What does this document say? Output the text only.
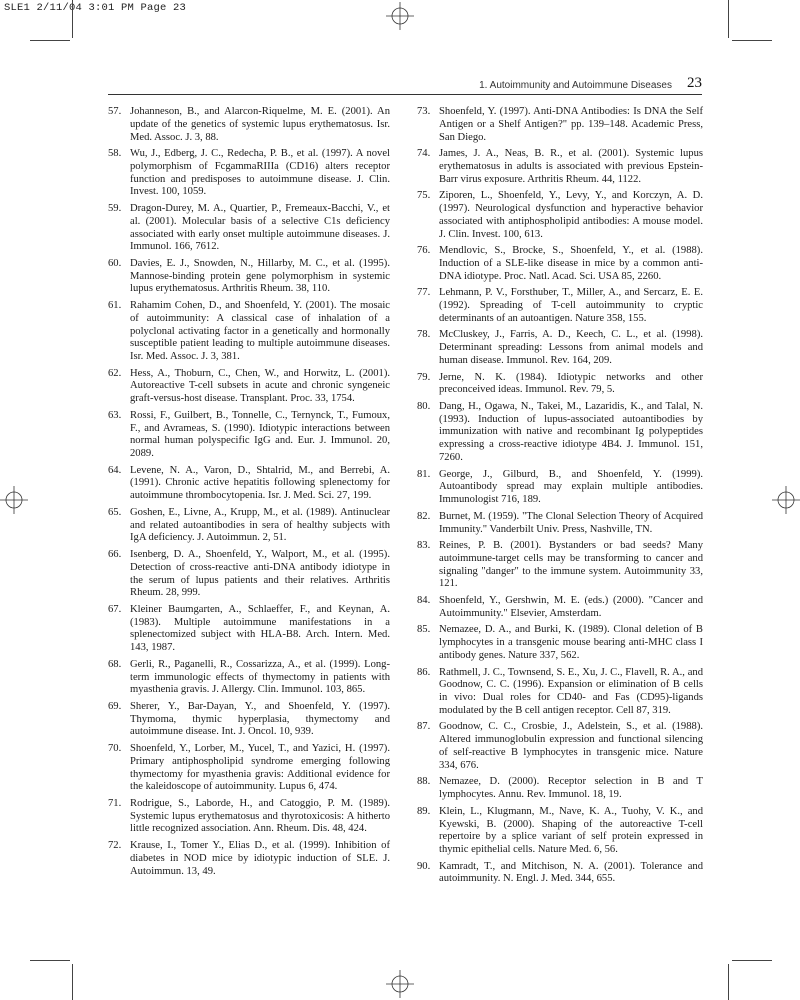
SLE1 2/11/04 3:01 PM Page 23
1. Autoimmunity and Autoimmune Diseases 23
57. Johanneson, B., and Alarcon-Riquelme, M. E. (2001). An update of the genetics of systemic lupus erythematosus. Isr. Med. Assoc. J. 3, 88.
58. Wu, J., Edberg, J. C., Redecha, P. B., et al. (1997). A novel polymorphism of FcgammaRIIIa (CD16) alters receptor function and predisposes to autoimmune disease. J. Clin. Invest. 100, 1059.
59. Dragon-Durey, M. A., Quartier, P., Fremeaux-Bacchi, V., et al. (2001). Molecular basis of a selective C1s deficiency associated with early onset multiple autoimmune diseases. J. Immunol. 166, 7612.
60. Davies, E. J., Snowden, N., Hillarby, M. C., et al. (1995). Mannose-binding protein gene polymorphism in systemic lupus erythematosus. Arthritis Rheum. 38, 110.
61. Rahamim Cohen, D., and Shoenfeld, Y. (2001). The mosaic of autoimmunity: A classical case of inhalation of a polyclonal activating factor in a genetically and hormonally susceptible patient leading to multiple autoimmune diseases. Isr. Med. Assoc. J. 3, 381.
62. Hess, A., Thoburn, C., Chen, W., and Horwitz, L. (2001). Autoreactive T-cell subsets in acute and chronic syngeneic graft-versus-host disease. Transplant. Proc. 33, 1754.
63. Rossi, F., Guilbert, B., Tonnelle, C., Ternynck, T., Fumoux, F., and Avrameas, S. (1990). Idiotypic interactions between normal human polyspecific IgG and. Eur. J. Immunol. 20, 2089.
64. Levene, N. A., Varon, D., Shtalrid, M., and Berrebi, A. (1991). Chronic active hepatitis following splenectomy for autoimmune thrombocytopenia. Isr. J. Med. Sci. 27, 199.
65. Goshen, E., Livne, A., Krupp, M., et al. (1989). Antinuclear and related autoantibodies in sera of healthy subjects with IgA deficiency. J. Autoimmun. 2, 51.
66. Isenberg, D. A., Shoenfeld, Y., Walport, M., et al. (1995). Detection of cross-reactive anti-DNA antibody idiotype in the serum of lupus patients and their relatives. Arthritis Rheum. 28, 999.
67. Kleiner Baumgarten, A., Schlaeffer, F., and Keynan, A. (1983). Multiple autoimmune manifestations in a splenectomized subject with HLA-B8. Arch. Intern. Med. 143, 1987.
68. Gerli, R., Paganelli, R., Cossarizza, A., et al. (1999). Long-term immunologic effects of thymectomy in patients with myasthenia gravis. J. Allergy. Clin. Immunol. 103, 865.
69. Sherer, Y., Bar-Dayan, Y., and Shoenfeld, Y. (1997). Thymoma, thymic hyperplasia, thymectomy and autoimmune disease. Int. J. Oncol. 10, 939.
70. Shoenfeld, Y., Lorber, M., Yucel, T., and Yazici, H. (1997). Primary antiphospholipid syndrome emerging following thymectomy for myasthenia gravis: Additional evidence for the kaleidoscope of autoimmunity. Lupus 6, 474.
71. Rodrigue, S., Laborde, H., and Catoggio, P. M. (1989). Systemic lupus erythematosus and thyrotoxicosis: A hitherto little recognized association. Ann. Rheum. Dis. 48, 424.
72. Krause, I., Tomer Y., Elias D., et al. (1999). Inhibition of diabetes in NOD mice by idiotypic induction of SLE. J. Autoimmun. 13, 49.
73. Shoenfeld, Y. (1997). Anti-DNA Antibodies: Is DNA the Self Antigen or a Shelf Antigen?" pp. 139–148. Academic Press, San Diego.
74. James, J. A., Neas, B. R., et al. (2001). Systemic lupus erythematosus in adults is associated with previous Epstein-Barr virus exposure. Arthritis Rheum. 44, 1122.
75. Ziporen, L., Shoenfeld, Y., Levy, Y., and Korczyn, A. D. (1997). Neurological dysfunction and hyperactive behavior associated with antiphospholipid antibodies: A mouse model. J. Clin. Invest. 100, 613.
76. Mendlovic, S., Brocke, S., Shoenfeld, Y., et al. (1988). Induction of a SLE-like disease in mice by a common anti-DNA idiotype. Proc. Natl. Acad. Sci. USA 85, 2260.
77. Lehmann, P. V., Forsthuber, T., Miller, A., and Sercarz, E. E. (1992). Spreading of T-cell autoimmunity to cryptic determinants of an autoantigen. Nature 358, 155.
78. McCluskey, J., Farris, A. D., Keech, C. L., et al. (1998). Determinant spreading: Lessons from animal models and human disease. Immunol. Rev. 164, 209.
79. Jerne, N. K. (1984). Idiotypic networks and other preconceived ideas. Immunol. Rev. 79, 5.
80. Dang, H., Ogawa, N., Takei, M., Lazaridis, K., and Talal, N. (1993). Induction of lupus-associated autoantibodies by immunization with native and recombinant Ig polypeptides expressing a cross-reactive idiotype 4B4. J. Immunol. 151, 7260.
81. George, J., Gilburd, B., and Shoenfeld, Y. (1999). Autoantibody spread may explain multiple antibodies. Immunologist 716, 189.
82. Burnet, M. (1959). "The Clonal Selection Theory of Acquired Immunity." Vanderbilt Univ. Press, Nashville, TN.
83. Reines, P. B. (2001). Bystanders or bad seeds? Many autoimmune-target cells may be transforming to cancer and signaling "danger" to the immune system. Autoimmunity 33, 121.
84. Shoenfeld, Y., Gershwin, M. E. (eds.) (2000). "Cancer and Autoimmunity." Elsevier, Amsterdam.
85. Nemazee, D. A., and Burki, K. (1989). Clonal deletion of B lymphocytes in a transgenic mouse bearing anti-MHC class I antibody genes. Nature 337, 562.
86. Rathmell, J. C., Townsend, S. E., Xu, J. C., Flavell, R. A., and Goodnow, C. C. (1996). Expansion or elimination of B cells in vivo: Dual roles for CD40- and Fas (CD95)-ligands modulated by the B cell antigen receptor. Cell 87, 319.
87. Goodnow, C. C., Crosbie, J., Adelstein, S., et al. (1988). Altered immunoglobulin expression and functional silencing of self-reactive B lymphocytes in transgenic mice. Nature 334, 676.
88. Nemazee, D. (2000). Receptor selection in B and T lymphocytes. Annu. Rev. Immunol. 18, 19.
89. Klein, L., Klugmann, M., Nave, K. A., Tuohy, V. K., and Kyewski, B. (2000). Shaping of the autoreactive T-cell repertoire by a splice variant of self protein expressed in thymic epithelial cells. Nature Med. 6, 56.
90. Kamradt, T., and Mitchison, N. A. (2001). Tolerance and autoimmunity. N. Engl. J. Med. 344, 655.
